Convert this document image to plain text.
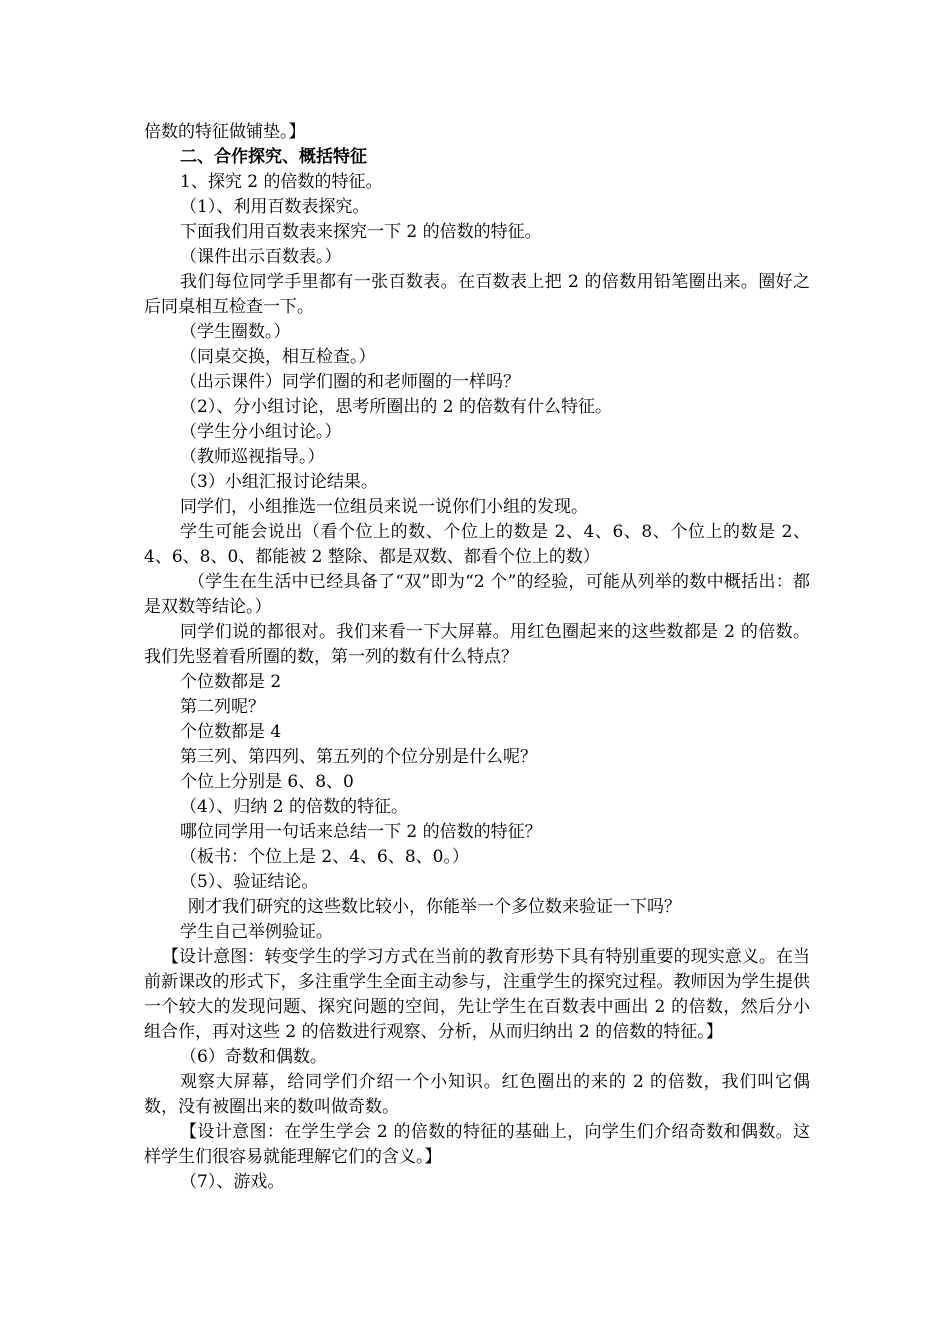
倍数的特征做铺垫。】

二、合作探究、概括特征

1、探究 2 的倍数的特征。

（1）、利用百数表探究。

下面我们用百数表来探究一下 2 的倍数的特征。

（课件出示百数表。）

我们每位同学手里都有一张百数表。在百数表上把 2 的倍数用铅笔圈出来。圈好之后同桌相互检查一下。

（学生圈数。）

（同桌交换，相互检查。）

（出示课件）同学们圈的和老师圈的一样吗？

（2）、分小组讨论，思考所圈出的 2 的倍数有什么特征。

（学生分小组讨论。）

（教师巡视指导。）

（3）小组汇报讨论结果。

同学们，小组推选一位组员来说一说你们小组的发现。

学生可能会说出（看个位上的数、个位上的数是 2、4、6、8、个位上的数是 2、4、6、8、0、都能被 2 整除、都是双数、都看个位上的数）

（学生在生活中已经具备了“双”即为“2 个”的经验，可能从列举的数中概括出：都是双数等结论。）

同学们说的都很对。我们来看一下大屏幕。用红色圈起来的这些数都是 2 的倍数。我们先竖着看所圈的数，第一列的数有什么特点？

个位数都是 2

第二列呢？

个位数都是 4

第三列、第四列、第五列的个位分别是什么呢？

个位上分别是 6、8、0

（4）、归纳 2 的倍数的特征。

哪位同学用一句话来总结一下 2 的倍数的特征？

（板书：个位上是 2、4、6、8、0。）

（5）、验证结论。

刚才我们研究的这些数比较小，你能举一个多位数来验证一下吗？

学生自己举例验证。

【设计意图：转变学生的学习方式在当前的教育形势下具有特别重要的现实意义。在当前新课改的形式下，多注重学生全面主动参与，注重学生的探究过程。教师因为学生提供一个较大的发现问题、探究问题的空间，先让学生在百数表中画出 2 的倍数，然后分小组合作，再对这些 2 的倍数进行观察、分析，从而归纳出 2 的倍数的特征。】

（6）奇数和偶数。

观察大屏幕，给同学们介绍一个小知识。红色圈出的来的 2 的倍数，我们叫它偶数，没有被圈出来的数叫做奇数。

【设计意图：在学生学会 2 的倍数的特征的基础上，向学生们介绍奇数和偶数。这样学生们很容易就能理解它们的含义。】

（7）、游戏。
